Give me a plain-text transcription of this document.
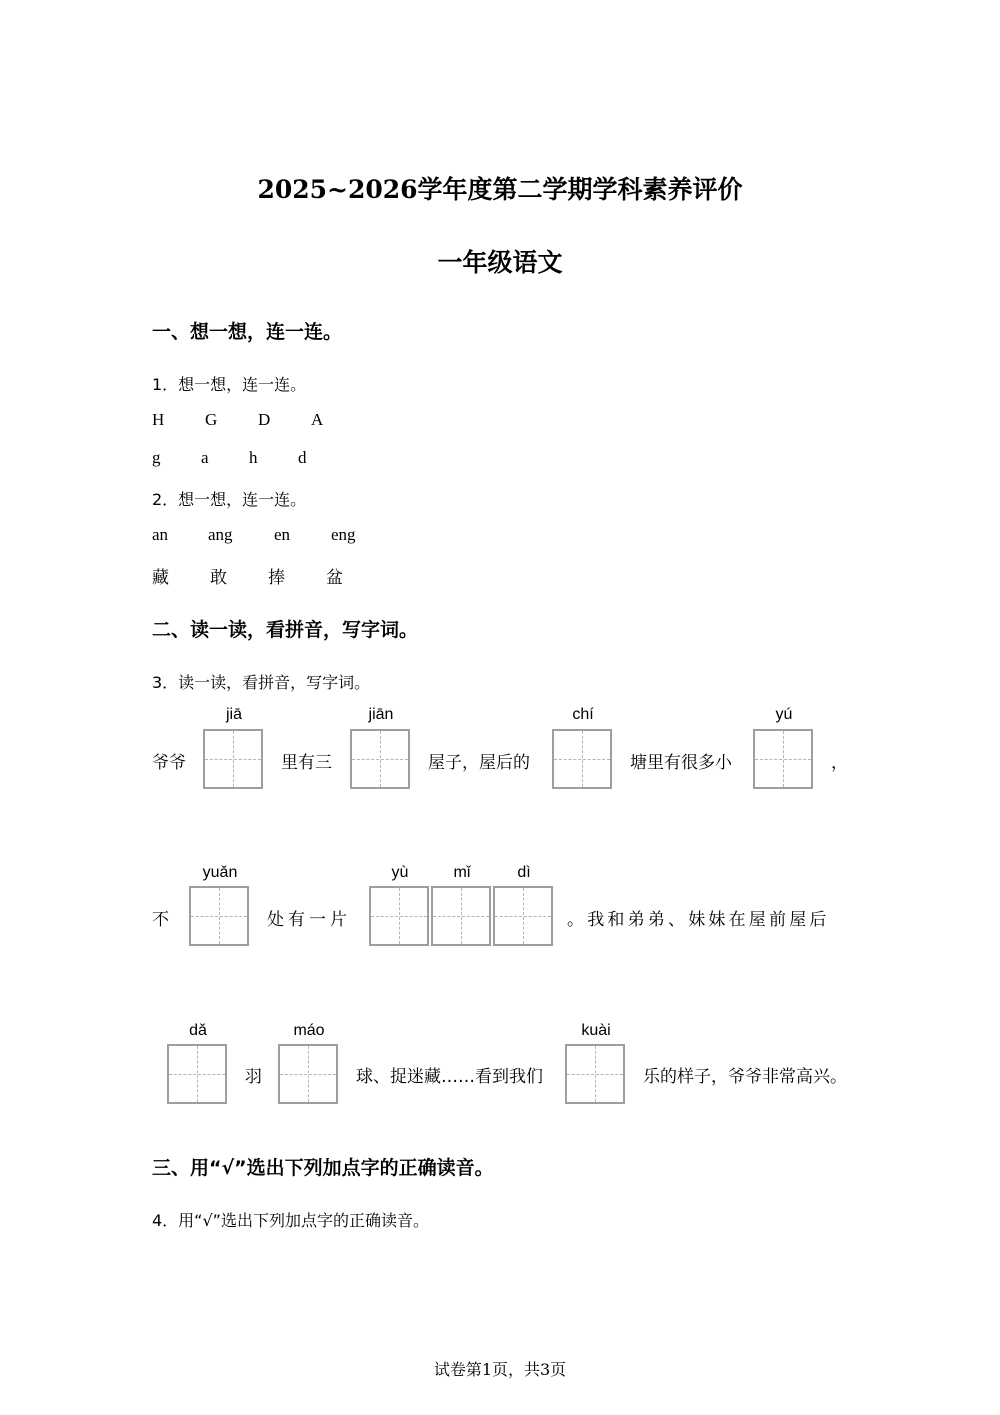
2025~2026学年度第二学期学科素养评价
一年级语文
一、想一想，连一连。
1．想一想，连一连。
H G D A
g a h d
2．想一想，连一连。
an ang en eng
藏 敢 捧 盆
二、读一读，看拼音，写字词。
3．读一读，看拼音，写字词。
爷爷
jiā
里有三
jiān
屋子，屋后的
chí
塘里有很多小
yú
，
不
yuǎn
处有一片
yù	mǐ	dì
。我和弟弟、妹妹在屋前屋后
dǎ
羽
máo
球、捉迷藏……看到我们
kuài
乐的样子，爷爷非常高兴。
三、用“√”选出下列加点字的正确读音。
4．用“√”选出下列加点字的正确读音。
试卷第1页，共3页
